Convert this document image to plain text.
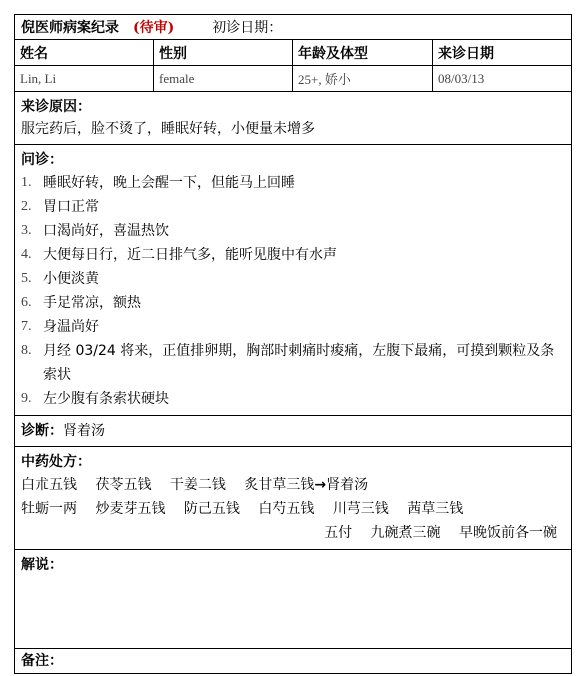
倪医师病案纪录 (待审)	初诊日期：
姓名	性别	年龄及体型	来诊日期
Lin, Li	female	25+, 娇小	08/03/13
来诊原因：
服完药后，脸不烫了，睡眠好转，小便量未增多
问诊：
1. 睡眠好转，晚上会醒一下，但能马上回睡
2. 胃口正常
3. 口渴尚好，喜温热饮
4. 大便每日行，近二日排气多，能听见腹中有水声
5. 小便淡黄
6. 手足常凉，额热
7. 身温尚好
8. 月经 03/24 将来，正值排卵期，胸部时刺痛时痠痛，左腹下最痛，可摸到颗粒及条索状
9. 左少腹有条索状硬块
诊断：肾着汤
中药处方：
白朮五钱 茯苓五钱 干姜二钱 炙甘草三钱→肾着汤
牡蛎一两 炒麦芽五钱 防己五钱 白芍五钱 川芎三钱 茜草三钱
五付 九碗煮三碗 早晚饭前各一碗
解说：
备注：
